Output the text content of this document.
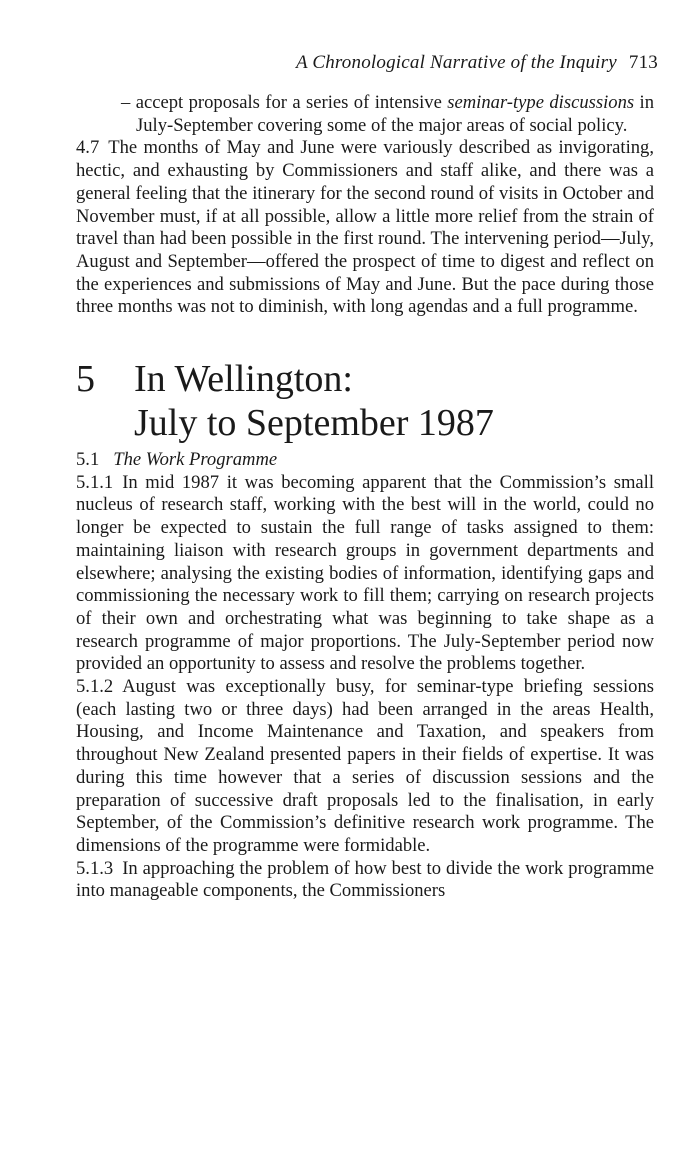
A Chronological Narrative of the Inquiry 713
– accept proposals for a series of intensive seminar-type discussions in July-September covering some of the major areas of social policy.

4.7 The months of May and June were variously described as invigorating, hectic, and exhausting by Commissioners and staff alike, and there was a general feeling that the itinerary for the second round of visits in October and November must, if at all possible, allow a little more relief from the strain of travel than had been possible in the first round. The intervening period—July, August and September—offered the prospect of time to digest and reflect on the experiences and submissions of May and June. But the pace during those three months was not to diminish, with long agendas and a full programme.

5	In Wellington:
July to September 1987

5.1 The Work Programme

5.1.1 In mid 1987 it was becoming apparent that the Commission’s small nucleus of research staff, working with the best will in the world, could no longer be expected to sustain the full range of tasks assigned to them: maintaining liaison with research groups in government departments and elsewhere; analysing the existing bodies of information, identifying gaps and commissioning the necessary work to fill them; carrying on research projects of their own and orchestrating what was beginning to take shape as a research programme of major proportions. The July-September period now provided an opportunity to assess and resolve the problems together.

5.1.2 August was exceptionally busy, for seminar-type briefing sessions (each lasting two or three days) had been arranged in the areas Health, Housing, and Income Maintenance and Taxation, and speakers from throughout New Zealand presented papers in their fields of expertise. It was during this time however that a series of discussion sessions and the preparation of successive draft proposals led to the finalisation, in early September, of the Commission’s definitive research work programme. The dimensions of the programme were formidable.

5.1.3 In approaching the problem of how best to divide the work programme into manageable components, the Commissioners
